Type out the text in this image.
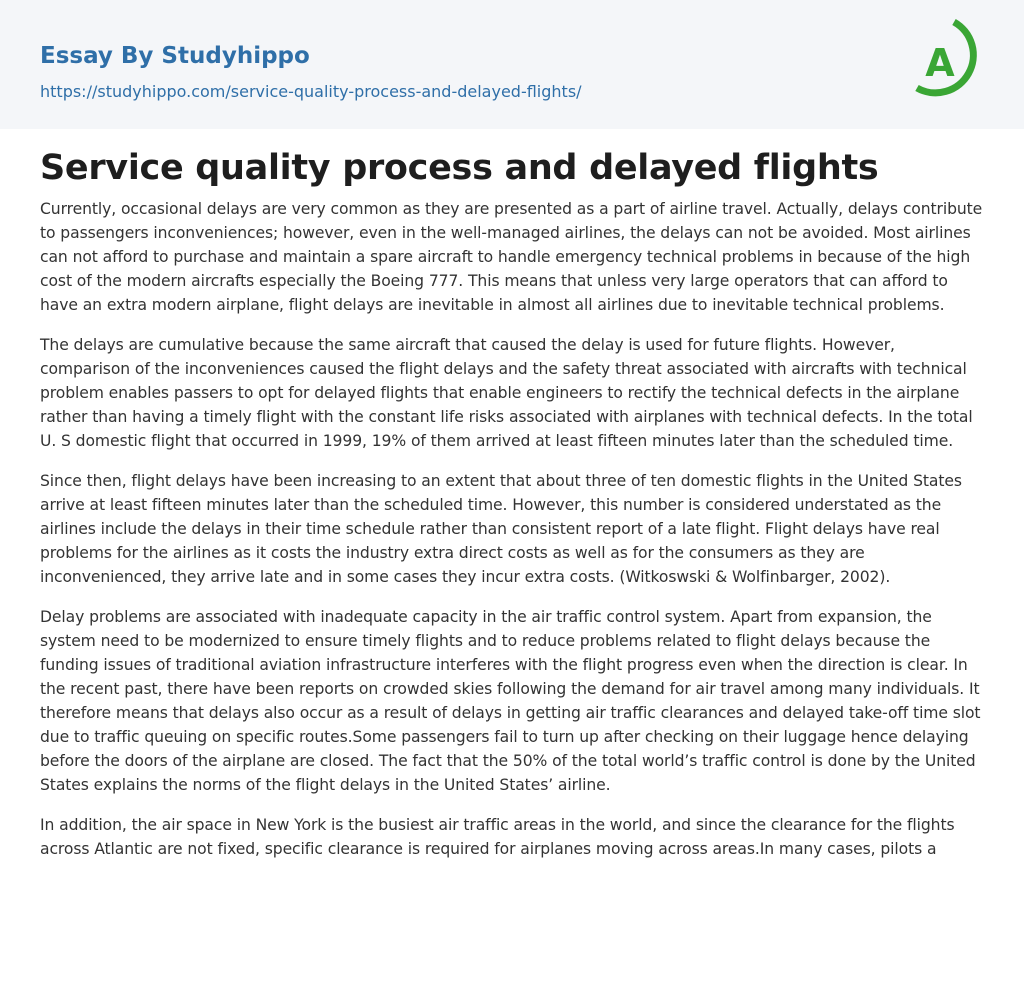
Essay By Studyhippo
https://studyhippo.com/service-quality-process-and-delayed-flights/
A
Service quality process and delayed flights

Currently, occasional delays are very common as they are presented as a part of airline travel. Actually, delays contribute to passengers inconveniences; however, even in the well-managed airlines, the delays can not be avoided. Most airlines can not afford to purchase and maintain a spare aircraft to handle emergency technical problems in because of the high cost of the modern aircrafts especially the Boeing 777. This means that unless very large operators that can afford to have an extra modern airplane, flight delays are inevitable in almost all airlines due to inevitable technical problems.

The delays are cumulative because the same aircraft that caused the delay is used for future flights. However, comparison of the inconveniences caused the flight delays and the safety threat associated with aircrafts with technical problem enables passers to opt for delayed flights that enable engineers to rectify the technical defects in the airplane rather than having a timely flight with the constant life risks associated with airplanes with technical defects. In the total U. S domestic flight that occurred in 1999, 19% of them arrived at least fifteen minutes later than the scheduled time.

Since then, flight delays have been increasing to an extent that about three of ten domestic flights in the United States arrive at least fifteen minutes later than the scheduled time. However, this number is considered understated as the airlines include the delays in their time schedule rather than consistent report of a late flight. Flight delays have real problems for the airlines as it costs the industry extra direct costs as well as for the consumers as they are inconvenienced, they arrive late and in some cases they incur extra costs. (Witkoswski & Wolfinbarger, 2002).

Delay problems are associated with inadequate capacity in the air traffic control system. Apart from expansion, the system need to be modernized to ensure timely flights and to reduce problems related to flight delays because the funding issues of traditional aviation infrastructure interferes with the flight progress even when the direction is clear. In the recent past, there have been reports on crowded skies following the demand for air travel among many individuals. It therefore means that delays also occur as a result of delays in getting air traffic clearances and delayed take-off time slot due to traffic queuing on specific routes.Some passengers fail to turn up after checking on their luggage hence delaying before the doors of the airplane are closed. The fact that the 50% of the total world’s traffic control is done by the United States explains the norms of the flight delays in the United States’ airline.

In addition, the air space in New York is the busiest air traffic areas in the world, and since the clearance for the flights across Atlantic are not fixed, specific clearance is required for airplanes moving across areas.In many cases, pilots a
